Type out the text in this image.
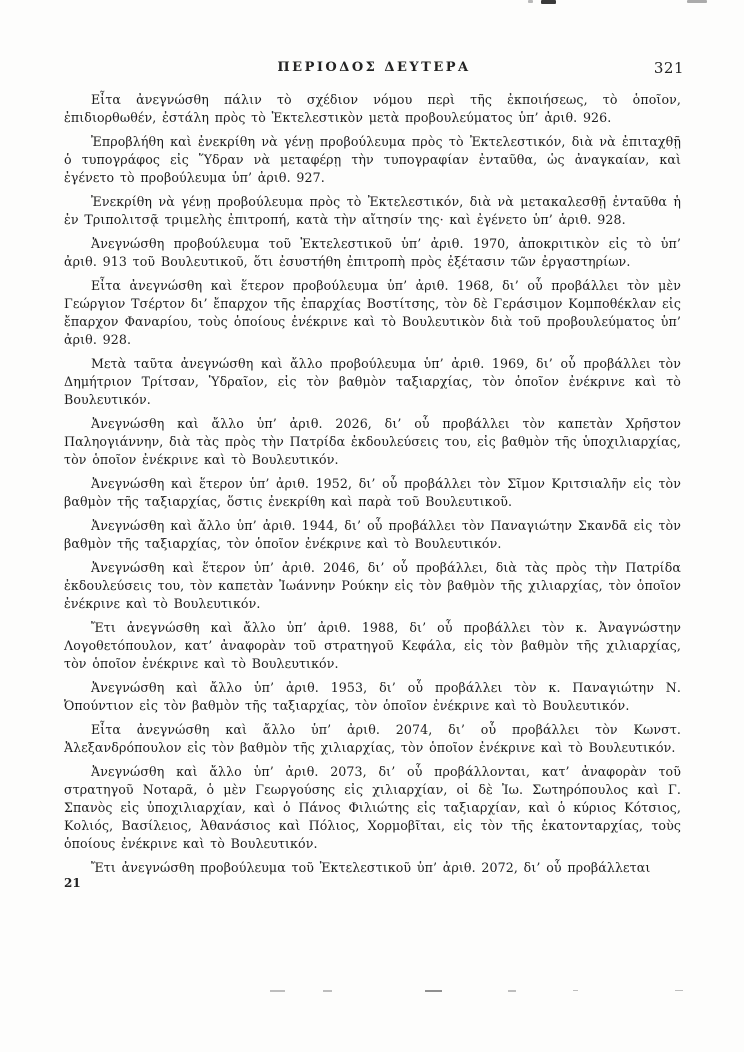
ΠΕΡΙΟΔΟΣ ΔΕΥΤΕΡΑ	321

Εἶτα ἀνεγνώσθη πάλιν τὸ σχέδιον νόμου περὶ τῆς ἐκποιήσεως, τὸ ὁποῖον, ἐπιδιορθωθέν, ἐστάλη πρὸς τὸ Ἐκτελεστικὸν μετὰ προβουλεύματος ὑπ’ ἀριθ. 926.

Ἐπροβλήθη καὶ ἐνεκρίθη νὰ γένῃ προβούλευμα πρὸς τὸ Ἐκτελεστικόν, διὰ νὰ ἐπιταχθῇ ὁ τυπογράφος εἰς Ὕδραν νὰ μεταφέρῃ τὴν τυπογραφίαν ἐνταῦθα, ὡς ἀναγκαίαν, καὶ ἐγένετο τὸ προβούλευμα ὑπ’ ἀριθ. 927.

Ἐνεκρίθη νὰ γένῃ προβούλευμα πρὸς τὸ Ἐκτελεστικόν, διὰ νὰ μετακαλεσθῇ ἐνταῦθα ἡ ἐν Τριπολιτσᾷ τριμελὴς ἐπιτροπή, κατὰ τὴν αἴτησίν της· καὶ ἐγένετο ὑπ’ ἀριθ. 928.

Ἀνεγνώσθη προβούλευμα τοῦ Ἐκτελεστικοῦ ὑπ’ ἀριθ. 1970, ἀποκριτικὸν εἰς τὸ ὑπ’ ἀριθ. 913 τοῦ Βουλευτικοῦ, ὅτι ἐσυστήθη ἐπιτροπὴ πρὸς ἐξέτασιν τῶν ἐργαστηρίων.

Εἶτα ἀνεγνώσθη καὶ ἕτερον προβούλευμα ὑπ’ ἀριθ. 1968, δι’ οὗ προβάλλει τὸν μὲν Γεώργιον Τσέρτον δι’ ἔπαρχον τῆς ἐπαρχίας Βοστίτσης, τὸν δὲ Γεράσιμον Κομποθέκλαν εἰς ἔπαρχον Φαναρίου, τοὺς ὁποίους ἐνέκρινε καὶ τὸ Βουλευτικὸν διὰ τοῦ προβουλεύματος ὑπ’ ἀριθ. 928.

Μετὰ ταῦτα ἀνεγνώσθη καὶ ἄλλο προβούλευμα ὑπ’ ἀριθ. 1969, δι’ οὗ προβάλλει τὸν Δημήτριον Τρίτσαν, Ὑδραῖον, εἰς τὸν βαθμὸν ταξιαρχίας, τὸν ὁποῖον ἐνέκρινε καὶ τὸ Βουλευτικόν.

Ἀνεγνώσθη καὶ ἄλλο ὑπ’ ἀριθ. 2026, δι’ οὗ προβάλλει τὸν καπετὰν Χρῆστον Παληογιάννην, διὰ τὰς πρὸς τὴν Πατρίδα ἐκδουλεύσεις του, εἰς βαθμὸν τῆς ὑποχιλιαρχίας, τὸν ὁποῖον ἐνέκρινε καὶ τὸ Βουλευτικόν.

Ἀνεγνώσθη καὶ ἕτερον ὑπ’ ἀριθ. 1952, δι’ οὗ προβάλλει τὸν Σῖμον Κριτσιαλῆν εἰς τὸν βαθμὸν τῆς ταξιαρχίας, ὅστις ἐνεκρίθη καὶ παρὰ τοῦ Βουλευτικοῦ.

Ἀνεγνώσθη καὶ ἄλλο ὑπ’ ἀριθ. 1944, δι’ οὗ προβάλλει τὸν Παναγιώτην Σκανδᾶ εἰς τὸν βαθμὸν τῆς ταξιαρχίας, τὸν ὁποῖον ἐνέκρινε καὶ τὸ Βουλευτικόν.

Ἀνεγνώσθη καὶ ἕτερον ὑπ’ ἀριθ. 2046, δι’ οὗ προβάλλει, διὰ τὰς πρὸς τὴν Πατρίδα ἐκδουλεύσεις του, τὸν καπετὰν Ἰωάννην Ρούκην εἰς τὸν βαθμὸν τῆς χιλιαρχίας, τὸν ὁποῖον ἐνέκρινε καὶ τὸ Βουλευτικόν.

Ἔτι ἀνεγνώσθη καὶ ἄλλο ὑπ’ ἀριθ. 1988, δι’ οὗ προβάλλει τὸν κ. Ἀναγνώστην Λογοθετόπουλον, κατ’ ἀναφορὰν τοῦ στρατηγοῦ Κεφάλα, εἰς τὸν βαθμὸν τῆς χιλιαρχίας, τὸν ὁποῖον ἐνέκρινε καὶ τὸ Βουλευτικόν.

Ἀνεγνώσθη καὶ ἄλλο ὑπ’ ἀριθ. 1953, δι’ οὗ προβάλλει τὸν κ. Παναγιώτην Ν. Ὀπούντιον εἰς τὸν βαθμὸν τῆς ταξιαρχίας, τὸν ὁποῖον ἐνέκρινε καὶ τὸ Βουλευτικόν.

Εἶτα ἀνεγνώσθη καὶ ἄλλο ὑπ’ ἀριθ. 2074, δι’ οὗ προβάλλει τὸν Κωνστ. Ἀλεξανδρόπουλον εἰς τὸν βαθμὸν τῆς χιλιαρχίας, τὸν ὁποῖον ἐνέκρινε καὶ τὸ Βουλευτικόν.

Ἀνεγνώσθη καὶ ἄλλο ὑπ’ ἀριθ. 2073, δι’ οὗ προβάλλονται, κατ’ ἀναφορὰν τοῦ στρατηγοῦ Νοταρᾶ, ὁ μὲν Γεωργούσης εἰς χιλιαρχίαν, οἱ δὲ Ἰω. Σωτηρόπουλος καὶ Γ. Σπανὸς εἰς ὑποχιλιαρχίαν, καὶ ὁ Πάνος Φιλιώτης εἰς ταξιαρχίαν, καὶ ὁ κύριος Κότσιος, Κολιός, Βασίλειος, Ἀθανάσιος καὶ Πόλιος, Χορμοβῖται, εἰς τὸν τῆς ἑκατονταρχίας, τοὺς ὁποίους ἐνέκρινε καὶ τὸ Βουλευτικόν.

Ἔτι ἀνεγνώσθη προβούλευμα τοῦ Ἐκτελεστικοῦ ὑπ’ ἀριθ. 2072, δι’ οὗ προβάλλεται

21
